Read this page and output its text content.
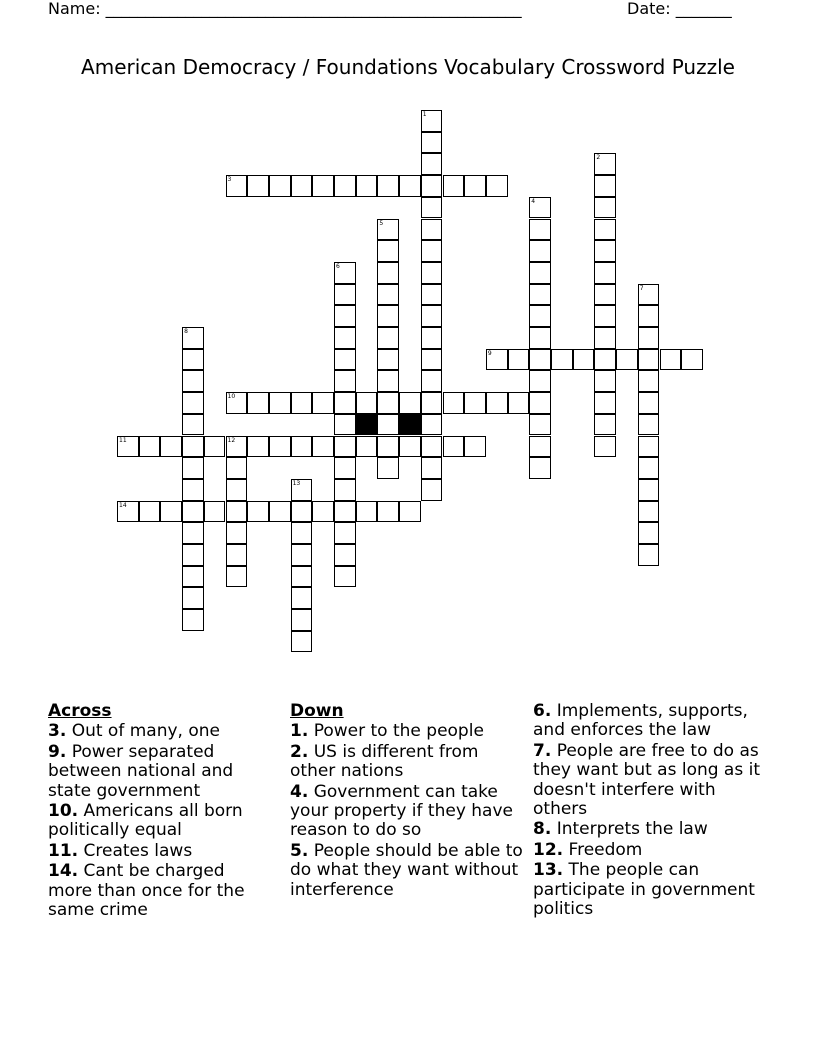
Name: ____________________________________________________	Date: _______
American Democracy / Foundations Vocabulary Crossword Puzzle
1
2
3
4
5
6
7
8
9
10
11	12
13
14
Across
3. Out of many, one
9. Power separated between national and state government
10. Americans all born politically equal
11. Creates laws
14. Cant be charged more than once for the same crime
Down
1. Power to the people
2. US is different from other nations
4. Government can take your property if they have reason to do so
5. People should be able to do what they want without interference
6. Implements, supports, and enforces the law
7. People are free to do as they want but as long as it doesn't interfere with others
8. Interprets the law
12. Freedom
13. The people can participate in government politics
